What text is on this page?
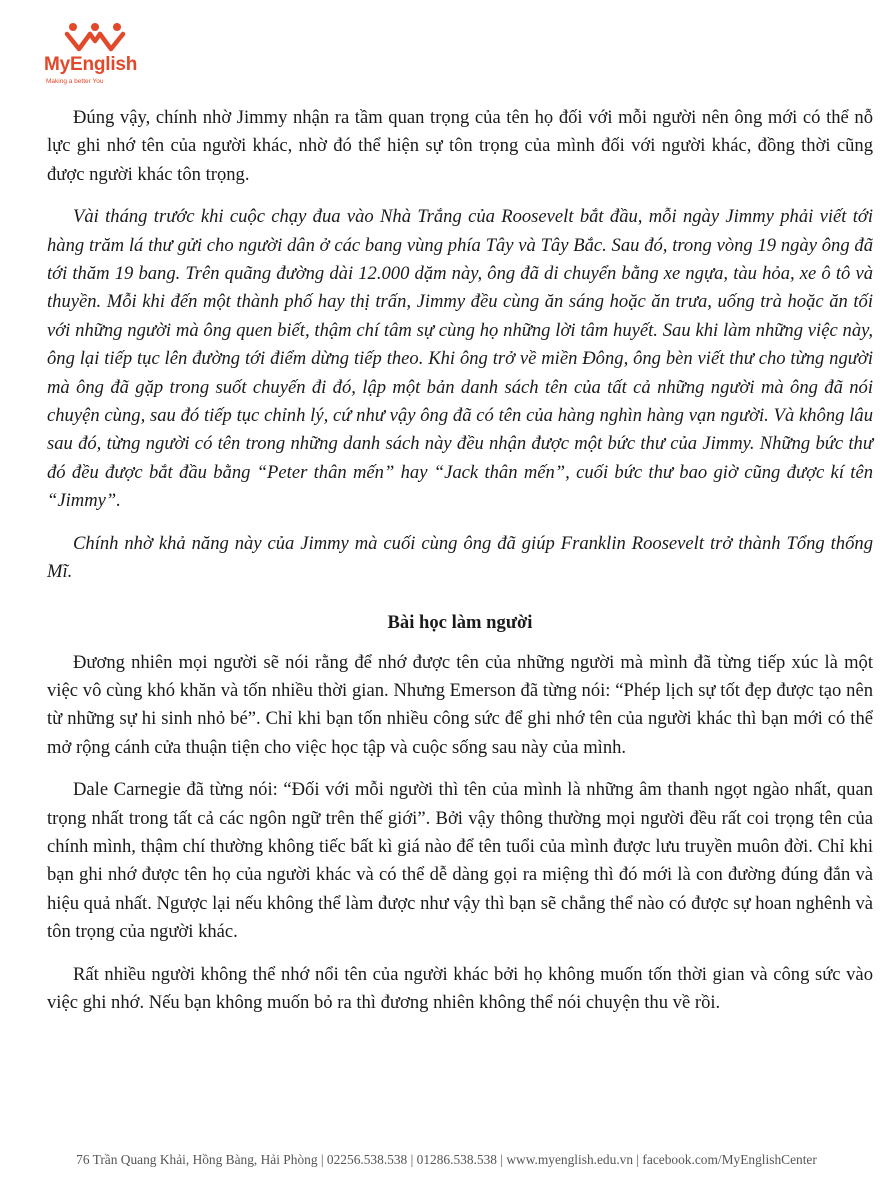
MyEnglish
Making a better You

Đúng vậy, chính nhờ Jimmy nhận ra tầm quan trọng của tên họ đối với mỗi người nên ông mới có thể nỗ lực ghi nhớ tên của người khác, nhờ đó thể hiện sự tôn trọng của mình đối với người khác, đồng thời cũng được người khác tôn trọng.

Vài tháng trước khi cuộc chạy đua vào Nhà Trắng của Roosevelt bắt đầu, mỗi ngày Jimmy phải viết tới hàng trăm lá thư gửi cho người dân ở các bang vùng phía Tây và Tây Bắc. Sau đó, trong vòng 19 ngày ông đã tới thăm 19 bang. Trên quãng đường dài 12.000 dặm này, ông đã di chuyển bằng xe ngựa, tàu hỏa, xe ô tô và thuyền. Mỗi khi đến một thành phố hay thị trấn, Jimmy đều cùng ăn sáng hoặc ăn trưa, uống trà hoặc ăn tối với những người mà ông quen biết, thậm chí tâm sự cùng họ những lời tâm huyết. Sau khi làm những việc này, ông lại tiếp tục lên đường tới điểm dừng tiếp theo. Khi ông trở về miền Đông, ông bèn viết thư cho từng người mà ông đã gặp trong suốt chuyến đi đó, lập một bản danh sách tên của tất cả những người mà ông đã nói chuyện cùng, sau đó tiếp tục chỉnh lý, cứ như vậy ông đã có tên của hàng nghìn hàng vạn người. Và không lâu sau đó, từng người có tên trong những danh sách này đều nhận được một bức thư của Jimmy. Những bức thư đó đều được bắt đầu bằng “Peter thân mến” hay “Jack thân mến”, cuối bức thư bao giờ cũng được kí tên “Jimmy”.

Chính nhờ khả năng này của Jimmy mà cuối cùng ông đã giúp Franklin Roosevelt trở thành Tổng thống Mĩ.

Bài học làm người

Đương nhiên mọi người sẽ nói rằng để nhớ được tên của những người mà mình đã từng tiếp xúc là một việc vô cùng khó khăn và tốn nhiều thời gian. Nhưng Emerson đã từng nói: “Phép lịch sự tốt đẹp được tạo nên từ những sự hi sinh nhỏ bé”. Chỉ khi bạn tốn nhiều công sức để ghi nhớ tên của người khác thì bạn mới có thể mở rộng cánh cửa thuận tiện cho việc học tập và cuộc sống sau này của mình.

Dale Carnegie đã từng nói: “Đối với mỗi người thì tên của mình là những âm thanh ngọt ngào nhất, quan trọng nhất trong tất cả các ngôn ngữ trên thế giới”. Bởi vậy thông thường mọi người đều rất coi trọng tên của chính mình, thậm chí thường không tiếc bất kì giá nào để tên tuổi của mình được lưu truyền muôn đời. Chỉ khi bạn ghi nhớ được tên họ của người khác và có thể dễ dàng gọi ra miệng thì đó mới là con đường đúng đắn và hiệu quả nhất. Ngược lại nếu không thể làm được như vậy thì bạn sẽ chẳng thể nào có được sự hoan nghênh và tôn trọng của người khác.

Rất nhiều người không thể nhớ nổi tên của người khác bởi họ không muốn tốn thời gian và công sức vào việc ghi nhớ. Nếu bạn không muốn bỏ ra thì đương nhiên không thể nói chuyện thu về rồi.

76 Trần Quang Khải, Hồng Bàng, Hải Phòng | 02256.538.538 | 01286.538.538 | www.myenglish.edu.vn | facebook.com/MyEnglishCenter
